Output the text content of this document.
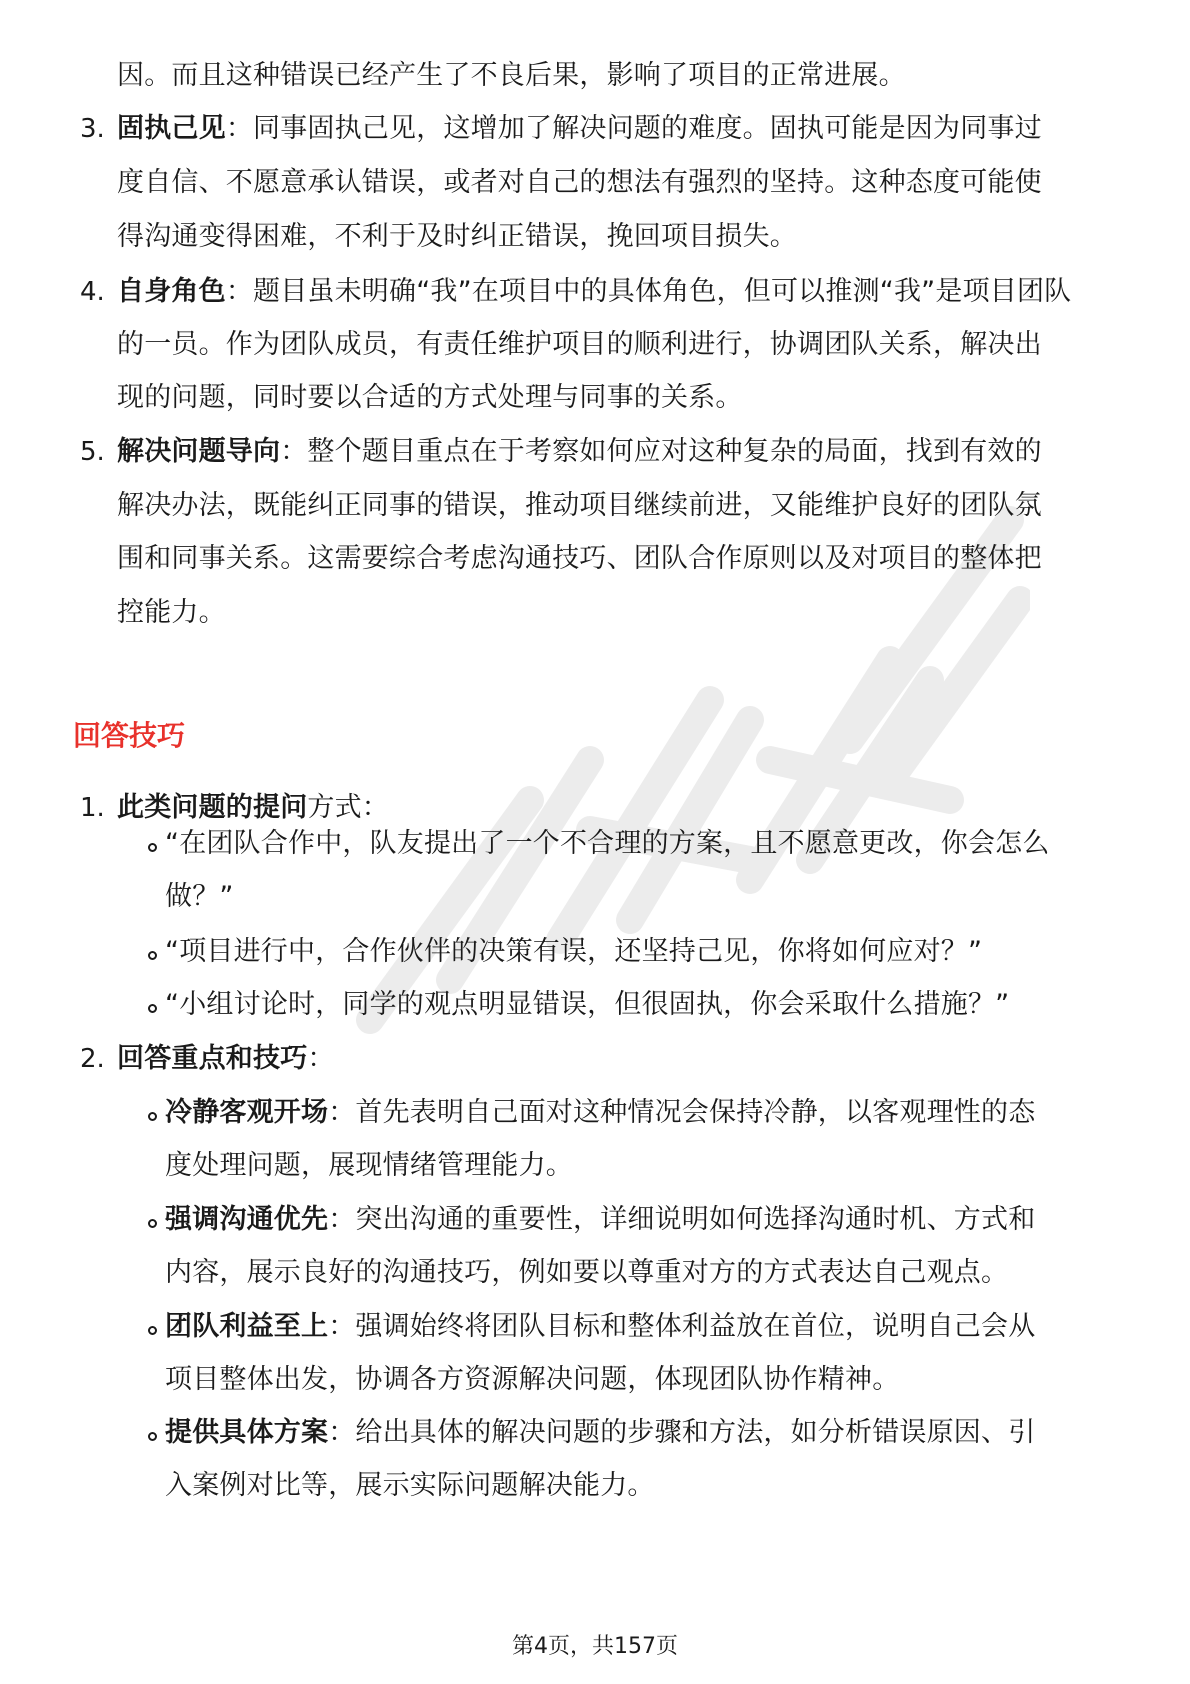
因。而且这种错误已经产生了不良后果，影响了项目的正常进展。
3. 固执己见：同事固执己见，这增加了解决问题的难度。固执可能是因为同事过
度自信、不愿意承认错误，或者对自己的想法有强烈的坚持。这种态度可能使
得沟通变得困难，不利于及时纠正错误，挽回项目损失。
4. 自身角色：题目虽未明确“我”在项目中的具体角色，但可以推测“我”是项目团队
的一员。作为团队成员，有责任维护项目的顺利进行，协调团队关系，解决出
现的问题，同时要以合适的方式处理与同事的关系。
5. 解决问题导向：整个题目重点在于考察如何应对这种复杂的局面，找到有效的
解决办法，既能纠正同事的错误，推动项目继续前进，又能维护良好的团队氛
围和同事关系。这需要综合考虑沟通技巧、团队合作原则以及对项目的整体把
控能力。
回答技巧
1. 此类问题的提问方式：
“在团队合作中，队友提出了一个不合理的方案，且不愿意更改，你会怎么
做？”
“项目进行中，合作伙伴的决策有误，还坚持己见，你将如何应对？”
“小组讨论时，同学的观点明显错误，但很固执，你会采取什么措施？”
2. 回答重点和技巧：
冷静客观开场：首先表明自己面对这种情况会保持冷静，以客观理性的态
度处理问题，展现情绪管理能力。
强调沟通优先：突出沟通的重要性，详细说明如何选择沟通时机、方式和
内容，展示良好的沟通技巧，例如要以尊重对方的方式表达自己观点。
团队利益至上：强调始终将团队目标和整体利益放在首位，说明自己会从
项目整体出发，协调各方资源解决问题，体现团队协作精神。
提供具体方案：给出具体的解决问题的步骤和方法，如分析错误原因、引
入案例对比等，展示实际问题解决能力。
第4页，共157页
